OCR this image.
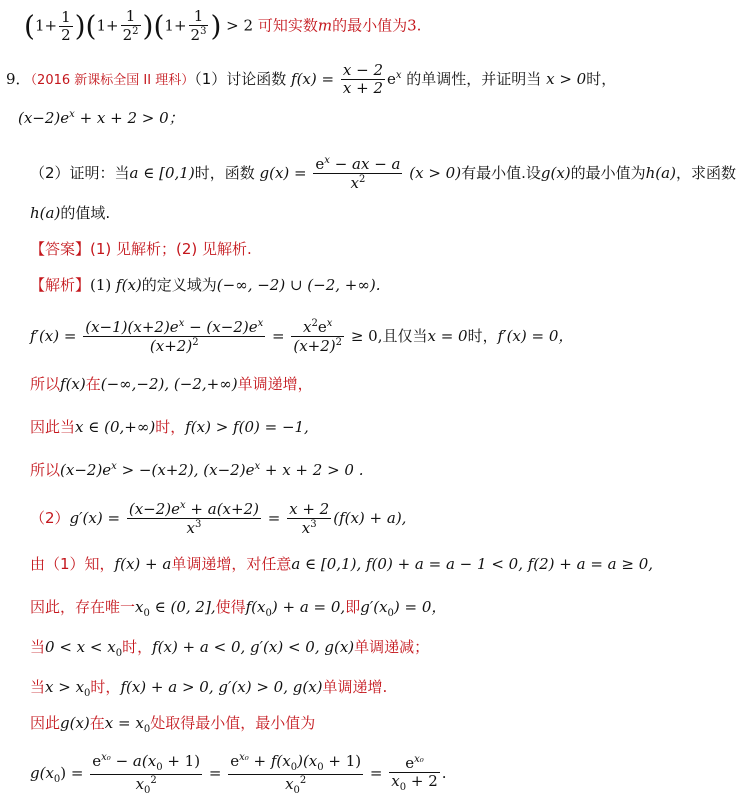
$(1+ \frac{1}{2} )(1+ \frac{1}{2^2} )(1+ \frac{1}{2^3}$ ) > 2 可知实数m的最小值为3.
9．（2016 新课标全国 II 理科）（1）讨论函数 $f(x) = \frac{x - 2}{x + 2} e^x$ 的单调性，并证明当 x > 0时，
$(x-2)e^x + x + 2 > 0$；
（2）证明：当a ∈ [0,1)时，函数 $g(x) = \frac{e^x - ax - a}{x^2} (x > 0)$有最小值.设g(x)的最小值为h(a)，求函数
h(a)的值域.
【答案】(1) 见解析；(2) 见解析.
【解析】(1) f(x)的定义域为(−∞, −2) ∪ (−2, +∞).
$f'(x) = \frac{(x-1)(x+2)e^x - (x-2)e^x}{(x+2)^2} = \frac{x^2e^x}{(x+2)^2} \ge 0$,且仅当x = 0时，f′(x) = 0，
所以f(x)在(−∞,−2), (−2,+∞)单调递增，
因此当x ∈ (0,+∞)时，f(x) > f(0) = −1,
所以$(x-2)e^x > -(x+2)$, $(x-2)e^x + x + 2 > 0$ .
$(2)g'(x) = \frac{(x-2)e^x + a(x+2)}{x^3} = \frac{x + 2}{x^3} (f(x) + a)$,
由（1）知，f(x) + a单调递增，对任意a ∈ [0,1), f(0) + a = a − 1 < 0, f(2) + a = a ≥ 0,
因此，存在唯一$x_0$ ∈ (0, 2],使得$f(x_0) + a = 0$,即$g'(x_0) = 0$，
当$0 < x < x_0$时，f(x) + a < 0, g′(x) < 0, g(x)单调递减；
当$x > x_0$时，f(x) + a > 0, g′(x) > 0, g(x)单调递增.
因此g(x)在$x = x_0$处取得最小值，最小值为
$g(x_0) = \frac{e^{x_0} - a(x_0 + 1)}{x_0^2} = \frac{e^{x_0} + f(x_0)(x_0 + 1)}{x_0^2} = \frac{e^{x_0}}{x_0 + 2}$ .
